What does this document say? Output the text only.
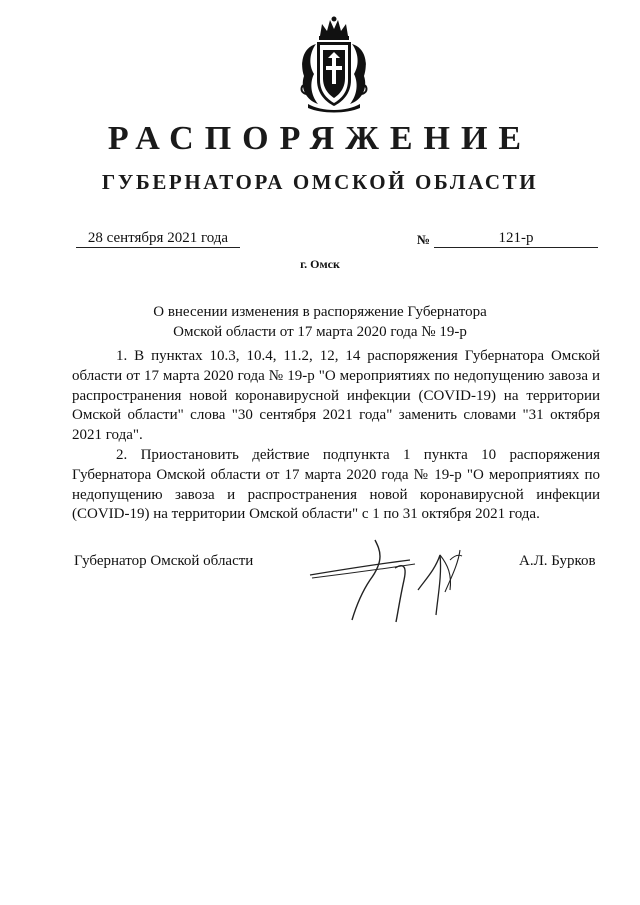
РАСПОРЯЖЕНИЕ
ГУБЕРНАТОРА ОМСКОЙ ОБЛАСТИ
28 сентября 2021 года	№	121-р
г. Омск
О внесении изменения в распоряжение Губернатора
Омской области от 17 марта 2020 года № 19-р

1. В пунктах 10.3, 10.4, 11.2, 12, 14 распоряжения Губернатора Омской области от 17 марта 2020 года № 19-р "О мероприятиях по недопущению завоза и распространения новой коронавирусной инфекции (COVID-19) на территории Омской области" слова "30 сентября 2021 года" заменить словами "31 октября 2021 года".

2. Приостановить действие подпункта 1 пункта 10 распоряжения Губернатора Омской области от 17 марта 2020 года № 19-р "О мероприятиях по недопущению завоза и распространения новой коронавирусной инфекции (COVID-19) на территории Омской области" с 1 по 31 октября 2021 года.

Губернатор Омской области	А.Л. Бурков
